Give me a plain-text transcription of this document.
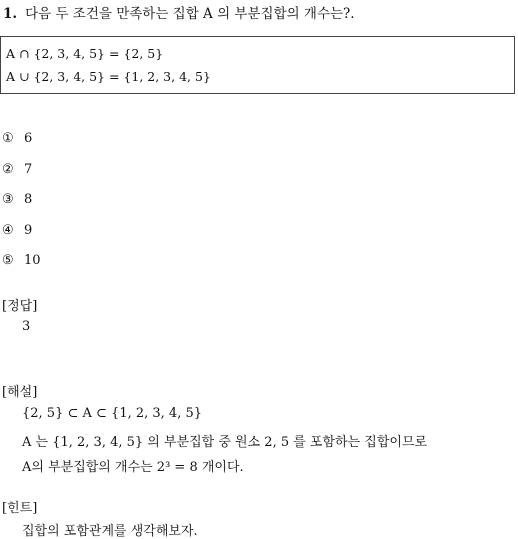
1. 다음 두 조건을 만족하는 집합 A 의 부분집합의 개수는?.
A ∩ {2, 3, 4, 5} = {2, 5}
A ∪ {2, 3, 4, 5} = {1, 2, 3, 4, 5}
① 6
② 7
③ 8
④ 9
⑤ 10
[정답]
3
[해설]
{2, 5} ⊂ A ⊂ {1, 2, 3, 4, 5}
A 는 {1, 2, 3, 4, 5} 의 부분집합 중 원소 2, 5 를 포함하는 집합이므로
A의 부분집합의 개수는 2³ = 8 개이다.
[힌트]
집합의 포함관계를 생각해보자.
